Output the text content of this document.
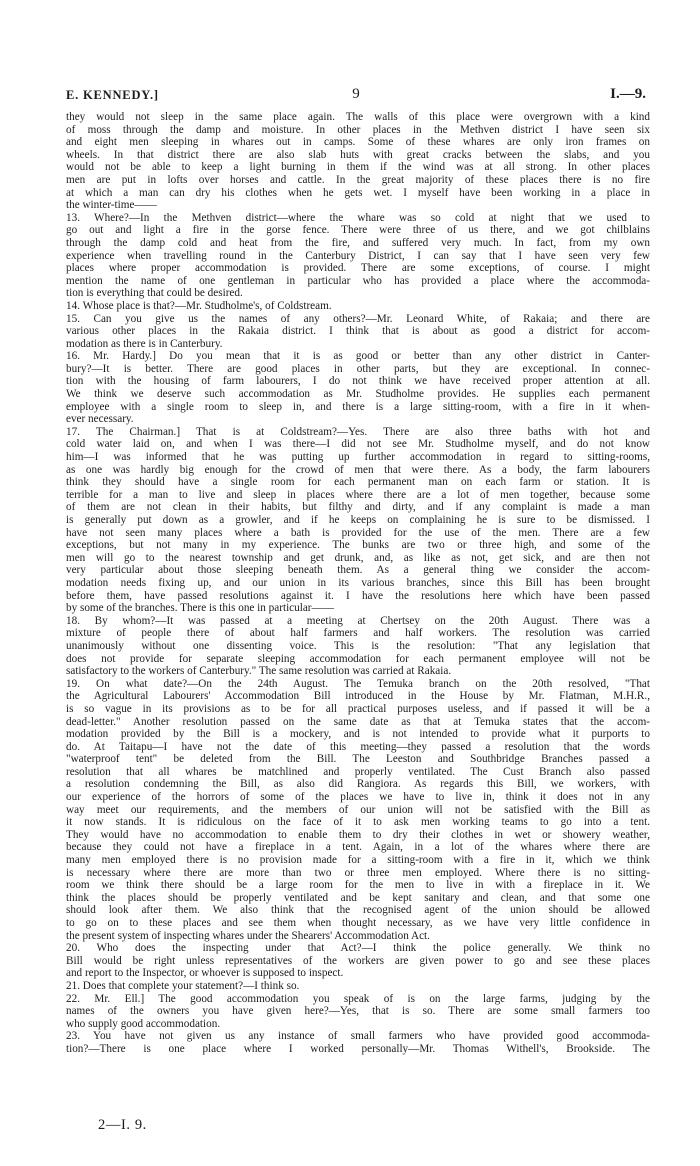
E. KENNEDY.]	9	I.—9.
they would not sleep in the same place again. The walls of this place were overgrown with a kind
of moss through the damp and moisture. In other places in the Methven district I have seen six
and eight men sleeping in whares out in camps. Some of these whares are only iron frames on
wheels. In that district there are also slab huts with great cracks between the slabs, and you
would not be able to keep a light burning in them if the wind was at all strong. In other places
men are put in lofts over horses and cattle. In the great majority of these places there is no fire
at which a man can dry his clothes when he gets wet. I myself have been working in a place in
the winter-time——
13. Where?—In the Methven district—where the whare was so cold at night that we used to
go out and light a fire in the gorse fence. There were three of us there, and we got chilblains
through the damp cold and heat from the fire, and suffered very much. In fact, from my own
experience when travelling round in the Canterbury District, I can say that I have seen very few
places where proper accommodation is provided. There are some exceptions, of course. I might
mention the name of one gentleman in particular who has provided a place where the accommoda-
tion is everything that could be desired.
14. Whose place is that?—Mr. Studholme's, of Coldstream.
15. Can you give us the names of any others?—Mr. Leonard White, of Rakaia; and there are
various other places in the Rakaia district. I think that is about as good a district for accom-
modation as there is in Canterbury.
16. Mr. Hardy.] Do you mean that it is as good or better than any other district in Canter-
bury?—It is better. There are good places in other parts, but they are exceptional. In connec-
tion with the housing of farm labourers, I do not think we have received proper attention at all.
We think we deserve such accommodation as Mr. Studholme provides. He supplies each permanent
employee with a single room to sleep in, and there is a large sitting-room, with a fire in it when-
ever necessary.
17. The Chairman.] That is at Coldstream?—Yes. There are also three baths with hot and
cold water laid on, and when I was there—I did not see Mr. Studholme myself, and do not know
him—I was informed that he was putting up further accommodation in regard to sitting-rooms,
as one was hardly big enough for the crowd of men that were there. As a body, the farm labourers
think they should have a single room for each permanent man on each farm or station. It is
terrible for a man to live and sleep in places where there are a lot of men together, because some
of them are not clean in their habits, but filthy and dirty, and if any complaint is made a man
is generally put down as a growler, and if he keeps on complaining he is sure to be dismissed. I
have not seen many places where a bath is provided for the use of the men. There are a few
exceptions, but not many in my experience. The bunks are two or three high, and some of the
men will go to the nearest township and get drunk, and, as like as not, get sick, and are then not
very particular about those sleeping beneath them. As a general thing we consider the accom-
modation needs fixing up, and our union in its various branches, since this Bill has been brought
before them, have passed resolutions against it. I have the resolutions here which have been passed
by some of the branches. There is this one in particular——
18. By whom?—It was passed at a meeting at Chertsey on the 20th August. There was a
mixture of people there of about half farmers and half workers. The resolution was carried
unanimously without one dissenting voice. This is the resolution: "That any legislation that
does not provide for separate sleeping accommodation for each permanent employee will not be
satisfactory to the workers of Canterbury." The same resolution was carried at Rakaia.
19. On what date?—On the 24th August. The Temuka branch on the 20th resolved, "That
the Agricultural Labourers' Accommodation Bill introduced in the House by Mr. Flatman, M.H.R.,
is so vague in its provisions as to be for all practical purposes useless, and if passed it will be a
dead-letter." Another resolution passed on the same date as that at Temuka states that the accom-
modation provided by the Bill is a mockery, and is not intended to provide what it purports to
do. At Taitapu—I have not the date of this meeting—they passed a resolution that the words
"waterproof tent" be deleted from the Bill. The Leeston and Southbridge Branches passed a
resolution that all whares be matchlined and properly ventilated. The Cust Branch also passed
a resolution condemning the Bill, as also did Rangiora. As regards this Bill, we workers, with
our experience of the horrors of some of the places we have to live in, think it does not in any
way meet our requirements, and the members of our union will not be satisfied with the Bill as
it now stands. It is ridiculous on the face of it to ask men working teams to go into a tent.
They would have no accommodation to enable them to dry their clothes in wet or showery weather,
because they could not have a fireplace in a tent. Again, in a lot of the whares where there are
many men employed there is no provision made for a sitting-room with a fire in it, which we think
is necessary where there are more than two or three men employed. Where there is no sitting-
room we think there should be a large room for the men to live in with a fireplace in it. We
think the places should be properly ventilated and be kept sanitary and clean, and that some one
should look after them. We also think that the recognised agent of the union should be allowed
to go on to these places and see them when thought necessary, as we have very little confidence in
the present system of inspecting whares under the Shearers' Accommodation Act.
20. Who does the inspecting under that Act?—I think the police generally. We think no
Bill would be right unless representatives of the workers are given power to go and see these places
and report to the Inspector, or whoever is supposed to inspect.
21. Does that complete your statement?—I think so.
22. Mr. Ell.] The good accommodation you speak of is on the large farms, judging by the
names of the owners you have given here?—Yes, that is so. There are some small farmers too
who supply good accommodation.
23. You have not given us any instance of small farmers who have provided good accommoda-
tion?—There is one place where I worked personally—Mr. Thomas Withell's, Brookside. The
2—I. 9.
